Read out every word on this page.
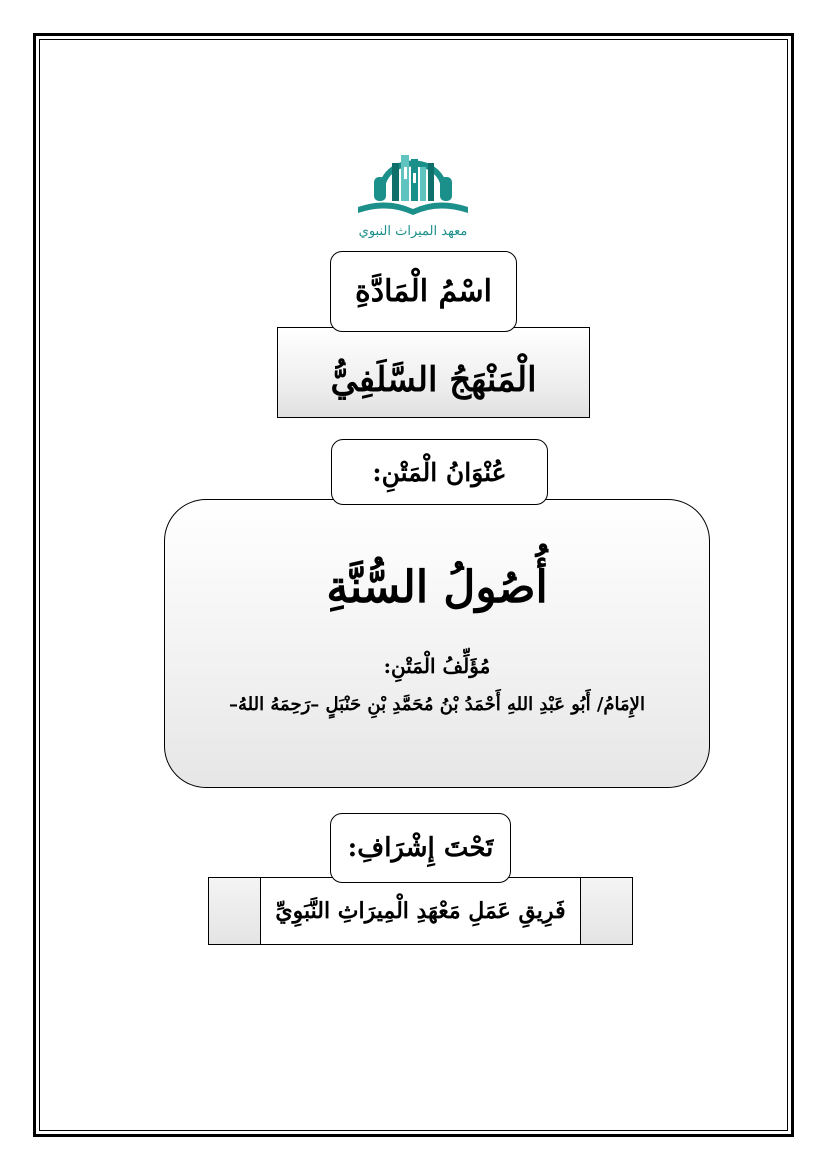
معهد الميراث النبوي
اسْمُ الْمَادَّةِ
الْمَنْهَجُ السَّلَفِيُّ
عُنْوَانُ الْمَتْنِ:
أُصُولُ السُّنَّةِ
مُؤَلِّفُ الْمَتْنِ:
الإِمَامُ/ أَبُو عَبْدِ اللهِ أَحْمَدُ بْنُ مُحَمَّدِ بْنِ حَنْبَلٍ –رَحِمَهُ اللهُ–
تَحْتَ إِشْرَافِ:
فَرِيقِ عَمَلِ مَعْهَدِ الْمِيرَاثِ النَّبَوِيِّ
